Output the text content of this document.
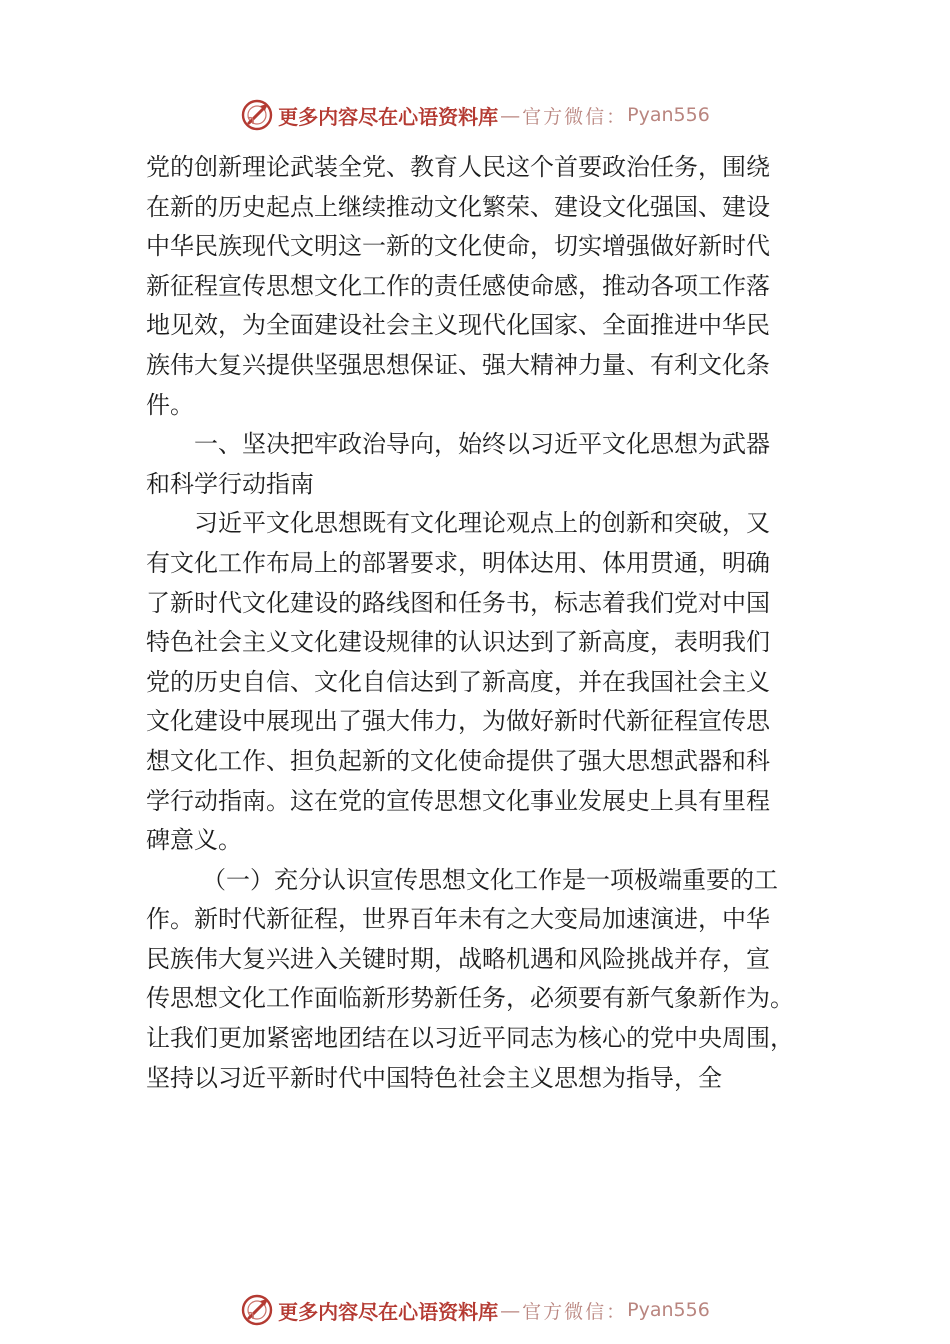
更多内容尽在心语资料库 — 官方微信： Pyan556
党的创新理论武装全党、教育人民这个首要政治任务，围绕
在新的历史起点上继续推动文化繁荣、建设文化强国、建设
中华民族现代文明这一新的文化使命，切实增强做好新时代
新征程宣传思想文化工作的责任感使命感，推动各项工作落
地见效，为全面建设社会主义现代化国家、全面推进中华民
族伟大复兴提供坚强思想保证、强大精神力量、有利文化条
件。
一、坚决把牢政治导向，始终以习近平文化思想为武器
和科学行动指南
习近平文化思想既有文化理论观点上的创新和突破，又
有文化工作布局上的部署要求，明体达用、体用贯通，明确
了新时代文化建设的路线图和任务书，标志着我们党对中国
特色社会主义文化建设规律的认识达到了新高度，表明我们
党的历史自信、文化自信达到了新高度，并在我国社会主义
文化建设中展现出了强大伟力，为做好新时代新征程宣传思
想文化工作、担负起新的文化使命提供了强大思想武器和科
学行动指南。这在党的宣传思想文化事业发展史上具有里程
碑意义。
（一）充分认识宣传思想文化工作是一项极端重要的工
作。新时代新征程，世界百年未有之大变局加速演进，中华
民族伟大复兴进入关键时期，战略机遇和风险挑战并存，宣
传思想文化工作面临新形势新任务，必须要有新气象新作为。
让我们更加紧密地团结在以习近平同志为核心的党中央周围，
坚持以习近平新时代中国特色社会主义思想为指导，全
更多内容尽在心语资料库 — 官方微信： Pyan556
